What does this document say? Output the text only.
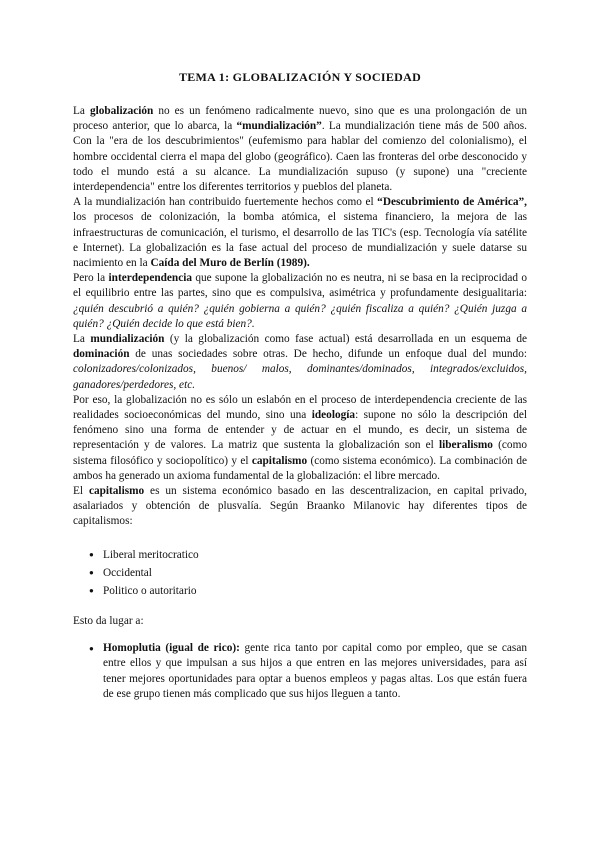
TEMA 1: GLOBALIZACIÓN Y SOCIEDAD

La globalización no es un fenómeno radicalmente nuevo, sino que es una prolongación de un proceso anterior, que lo abarca, la “mundialización”. La mundialización tiene más de 500 años. Con la "era de los descubrimientos" (eufemismo para hablar del comienzo del colonialismo), el hombre occidental cierra el mapa del globo (geográfico). Caen las fronteras del orbe desconocido y todo el mundo está a su alcance. La mundialización supuso (y supone) una "creciente interdependencia" entre los diferentes territorios y pueblos del planeta.

A la mundialización han contribuido fuertemente hechos como el “Descubrimiento de América”, los procesos de colonización, la bomba atómica, el sistema financiero, la mejora de las infraestructuras de comunicación, el turismo, el desarrollo de las TIC's (esp. Tecnología vía satélite e Internet). La globalización es la fase actual del proceso de mundialización y suele datarse su nacimiento en la Caída del Muro de Berlín (1989).

Pero la interdependencia que supone la globalización no es neutra, ni se basa en la reciprocidad o el equilibrio entre las partes, sino que es compulsiva, asimétrica y profundamente desigualitaria: ¿quién descubrió a quién? ¿quién gobierna a quién? ¿quién fiscaliza a quién? ¿Quién juzga a quién? ¿Quién decide lo que está bien?.

La mundialización (y la globalización como fase actual) está desarrollada en un esquema de dominación de unas sociedades sobre otras. De hecho, difunde un enfoque dual del mundo: colonizadores/colonizados, buenos/ malos, dominantes/dominados, integrados/excluidos, ganadores/perdedores, etc.

Por eso, la globalización no es sólo un eslabón en el proceso de interdependencia creciente de las realidades socioeconómicas del mundo, sino una ideología: supone no sólo la descripción del fenómeno sino una forma de entender y de actuar en el mundo, es decir, un sistema de representación y de valores. La matriz que sustenta la globalización son el liberalismo (como sistema filosófico y sociopolítico) y el capitalismo (como sistema económico). La combinación de ambos ha generado un axioma fundamental de la globalización: el libre mercado.

El capitalismo es un sistema económico basado en las descentralizacion, en capital privado, asalariados y obtención de plusvalía. Según Braanko Milanovic hay diferentes tipos de capitalismos:

● Liberal meritocratico
● Occidental
● Politico o autoritario

Esto da lugar a:

● Homoplutia (igual de rico): gente rica tanto por capital como por empleo, que se casan entre ellos y que impulsan a sus hijos a que entren en las mejores universidades, para así tener mejores oportunidades para optar a buenos empleos y pagas altas. Los que están fuera de ese grupo tienen más complicado que sus hijos lleguen a tanto.
